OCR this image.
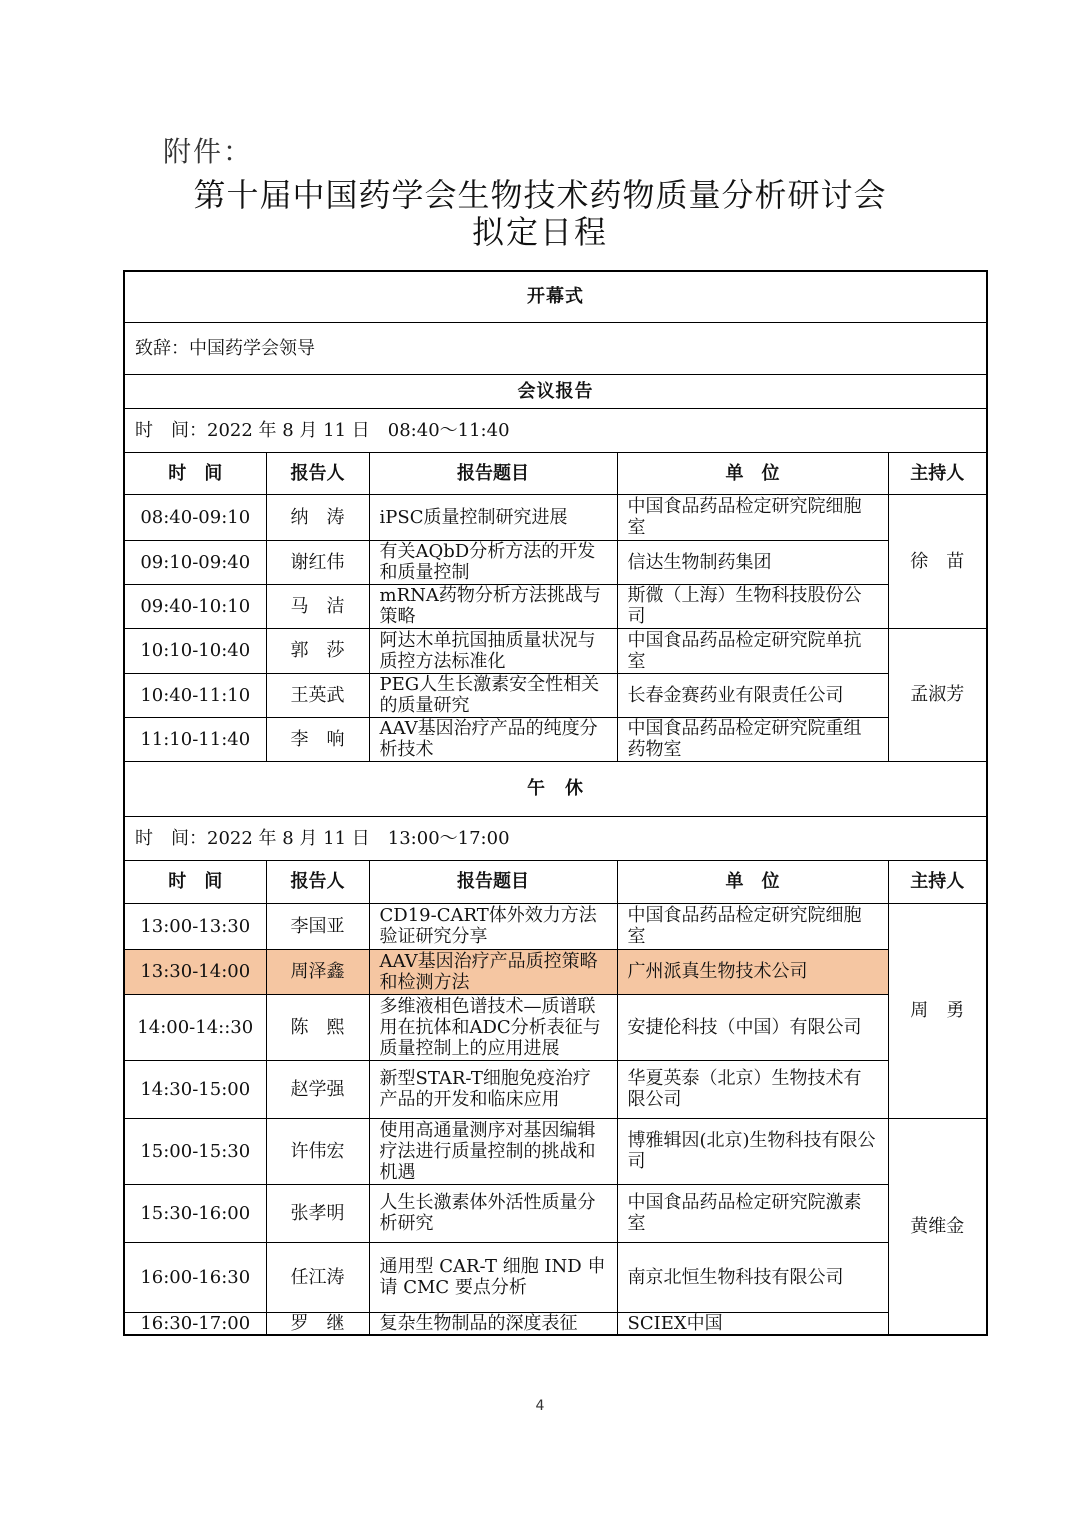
附件：
第十届中国药学会生物技术药物质量分析研讨会
拟定日程
开幕式				
致辞：中国药学会领导				
会议报告				
时　间：2022 年 8 月 11 日　08:40～11:40				
时　间	报告人	报告题目	单　位	主持人
08:40-09:10	纳　涛	iPSC质量控制研究进展	中国食品药品检定研究院细胞室	徐　苗
09:10-09:40	谢红伟	有关AQbD分析方法的开发和质量控制	信达生物制药集团	
09:40-10:10	马　洁	mRNA药物分析方法挑战与策略	斯微（上海）生物科技股份公司	
10:10-10:40	郭　莎	阿达木单抗国抽质量状况与质控方法标准化	中国食品药品检定研究院单抗室	孟淑芳
10:40-11:10	王英武	PEG人生长激素安全性相关的质量研究	长春金赛药业有限责任公司	
11:10-11:40	李　响	AAV基因治疗产品的纯度分析技术	中国食品药品检定研究院重组药物室	
午　休				
时　间：2022 年 8 月 11 日　13:00～17:00				
时　间	报告人	报告题目	单　位	主持人
13:00-13:30	李国亚	CD19-CART体外效力方法验证研究分享	中国食品药品检定研究院细胞室	周　勇
13:30-14:00	周泽鑫	AAV基因治疗产品质控策略和检测方法	广州派真生物技术公司	
14:00-14::30	陈　熙	多维液相色谱技术—质谱联用在抗体和ADC分析表征与质量控制上的应用进展	安捷伦科技（中国）有限公司	
14:30-15:00	赵学强	新型STAR-T细胞免疫治疗产品的开发和临床应用	华夏英泰（北京）生物技术有限公司	
15:00-15:30	许伟宏	使用高通量测序对基因编辑疗法进行质量控制的挑战和机遇	博雅辑因(北京)生物科技有限公司	黄维金
15:30-16:00	张孝明	人生长激素体外活性质量分析研究	中国食品药品检定研究院激素室	
16:00-16:30	任江涛	通用型 CAR-T 细胞 IND 申请 CMC 要点分析	南京北恒生物科技有限公司	
16:30-17:00	罗　继	复杂生物制品的深度表征	SCIEX中国	
4
